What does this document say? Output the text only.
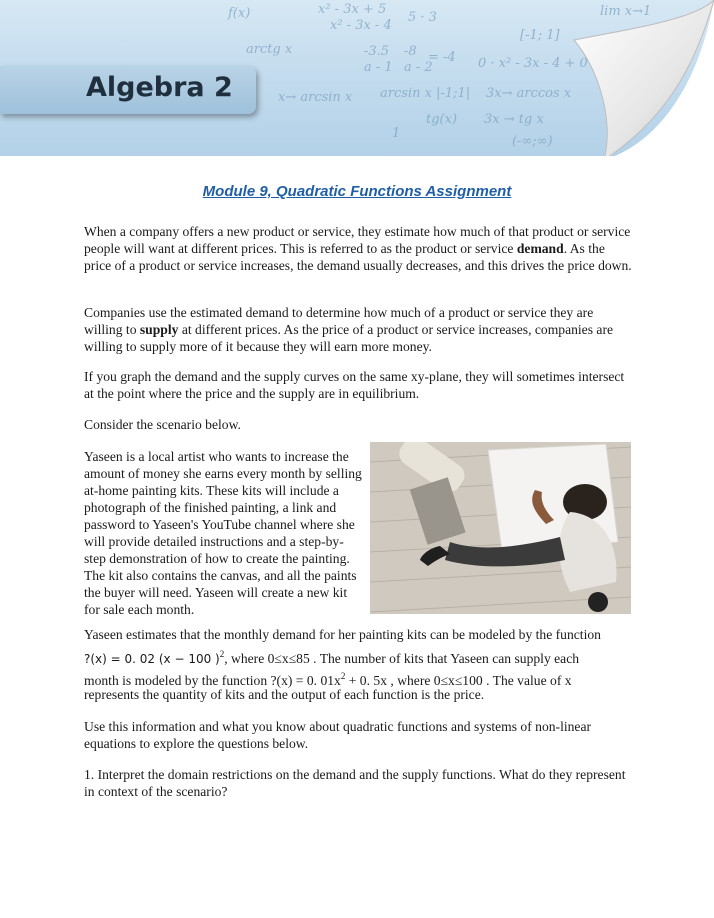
f(x)	x² - 3x + 5
x² - 3x - 4
5 · 3
arctg x	-3.5
a - 1
-8
a - 2
= -4 0 · x² - 3x - 4 + 0
x→ arcsin x arcsin x |-1;1| 3x→ arccos x
tg(x) 3x → tg x
1
(-∞;∞)
[-1; 1]
lim x→1
Algebra 2
Module 9, Quadratic Functions Assignment

When a company offers a new product or service, they estimate how much of that product or service people will want at different prices. This is referred to as the product or service demand. As the price of a product or service increases, the demand usually decreases, and this drives the price down.

Companies use the estimated demand to determine how much of a product or service they are willing to supply at different prices. As the price of a product or service increases, companies are willing to supply more of it because they will earn more money.

If you graph the demand and the supply curves on the same xy-plane, they will sometimes intersect at the point where the price and the supply are in equilibrium.

Consider the scenario below.

Yaseen is a local artist who wants to increase the amount of money she earns every month by selling at-home painting kits. These kits will include a photograph of the finished painting, a link and password to Yaseen's YouTube channel where she will provide detailed instructions and a step-by-step demonstration of how to create the painting. The kit also contains the canvas, and all the paints the buyer will need. Yaseen will create a new kit for sale each month.

Yaseen estimates that the monthly demand for her painting kits can be modeled by the function

?(x) = 0. 02 (x − 100 )$^2$, where 0≤x≤85 . The number of kits that Yaseen can supply each

month is modeled by the function ?(x) = 0. $01x^2 + 0$. 5x , where 0≤x≤100 . The value of x

represents the quantity of kits and the output of each function is the price.

Use this information and what you know about quadratic functions and systems of non-linear equations to explore the questions below.

1. Interpret the domain restrictions on the demand and the supply functions. What do they represent in context of the scenario?
